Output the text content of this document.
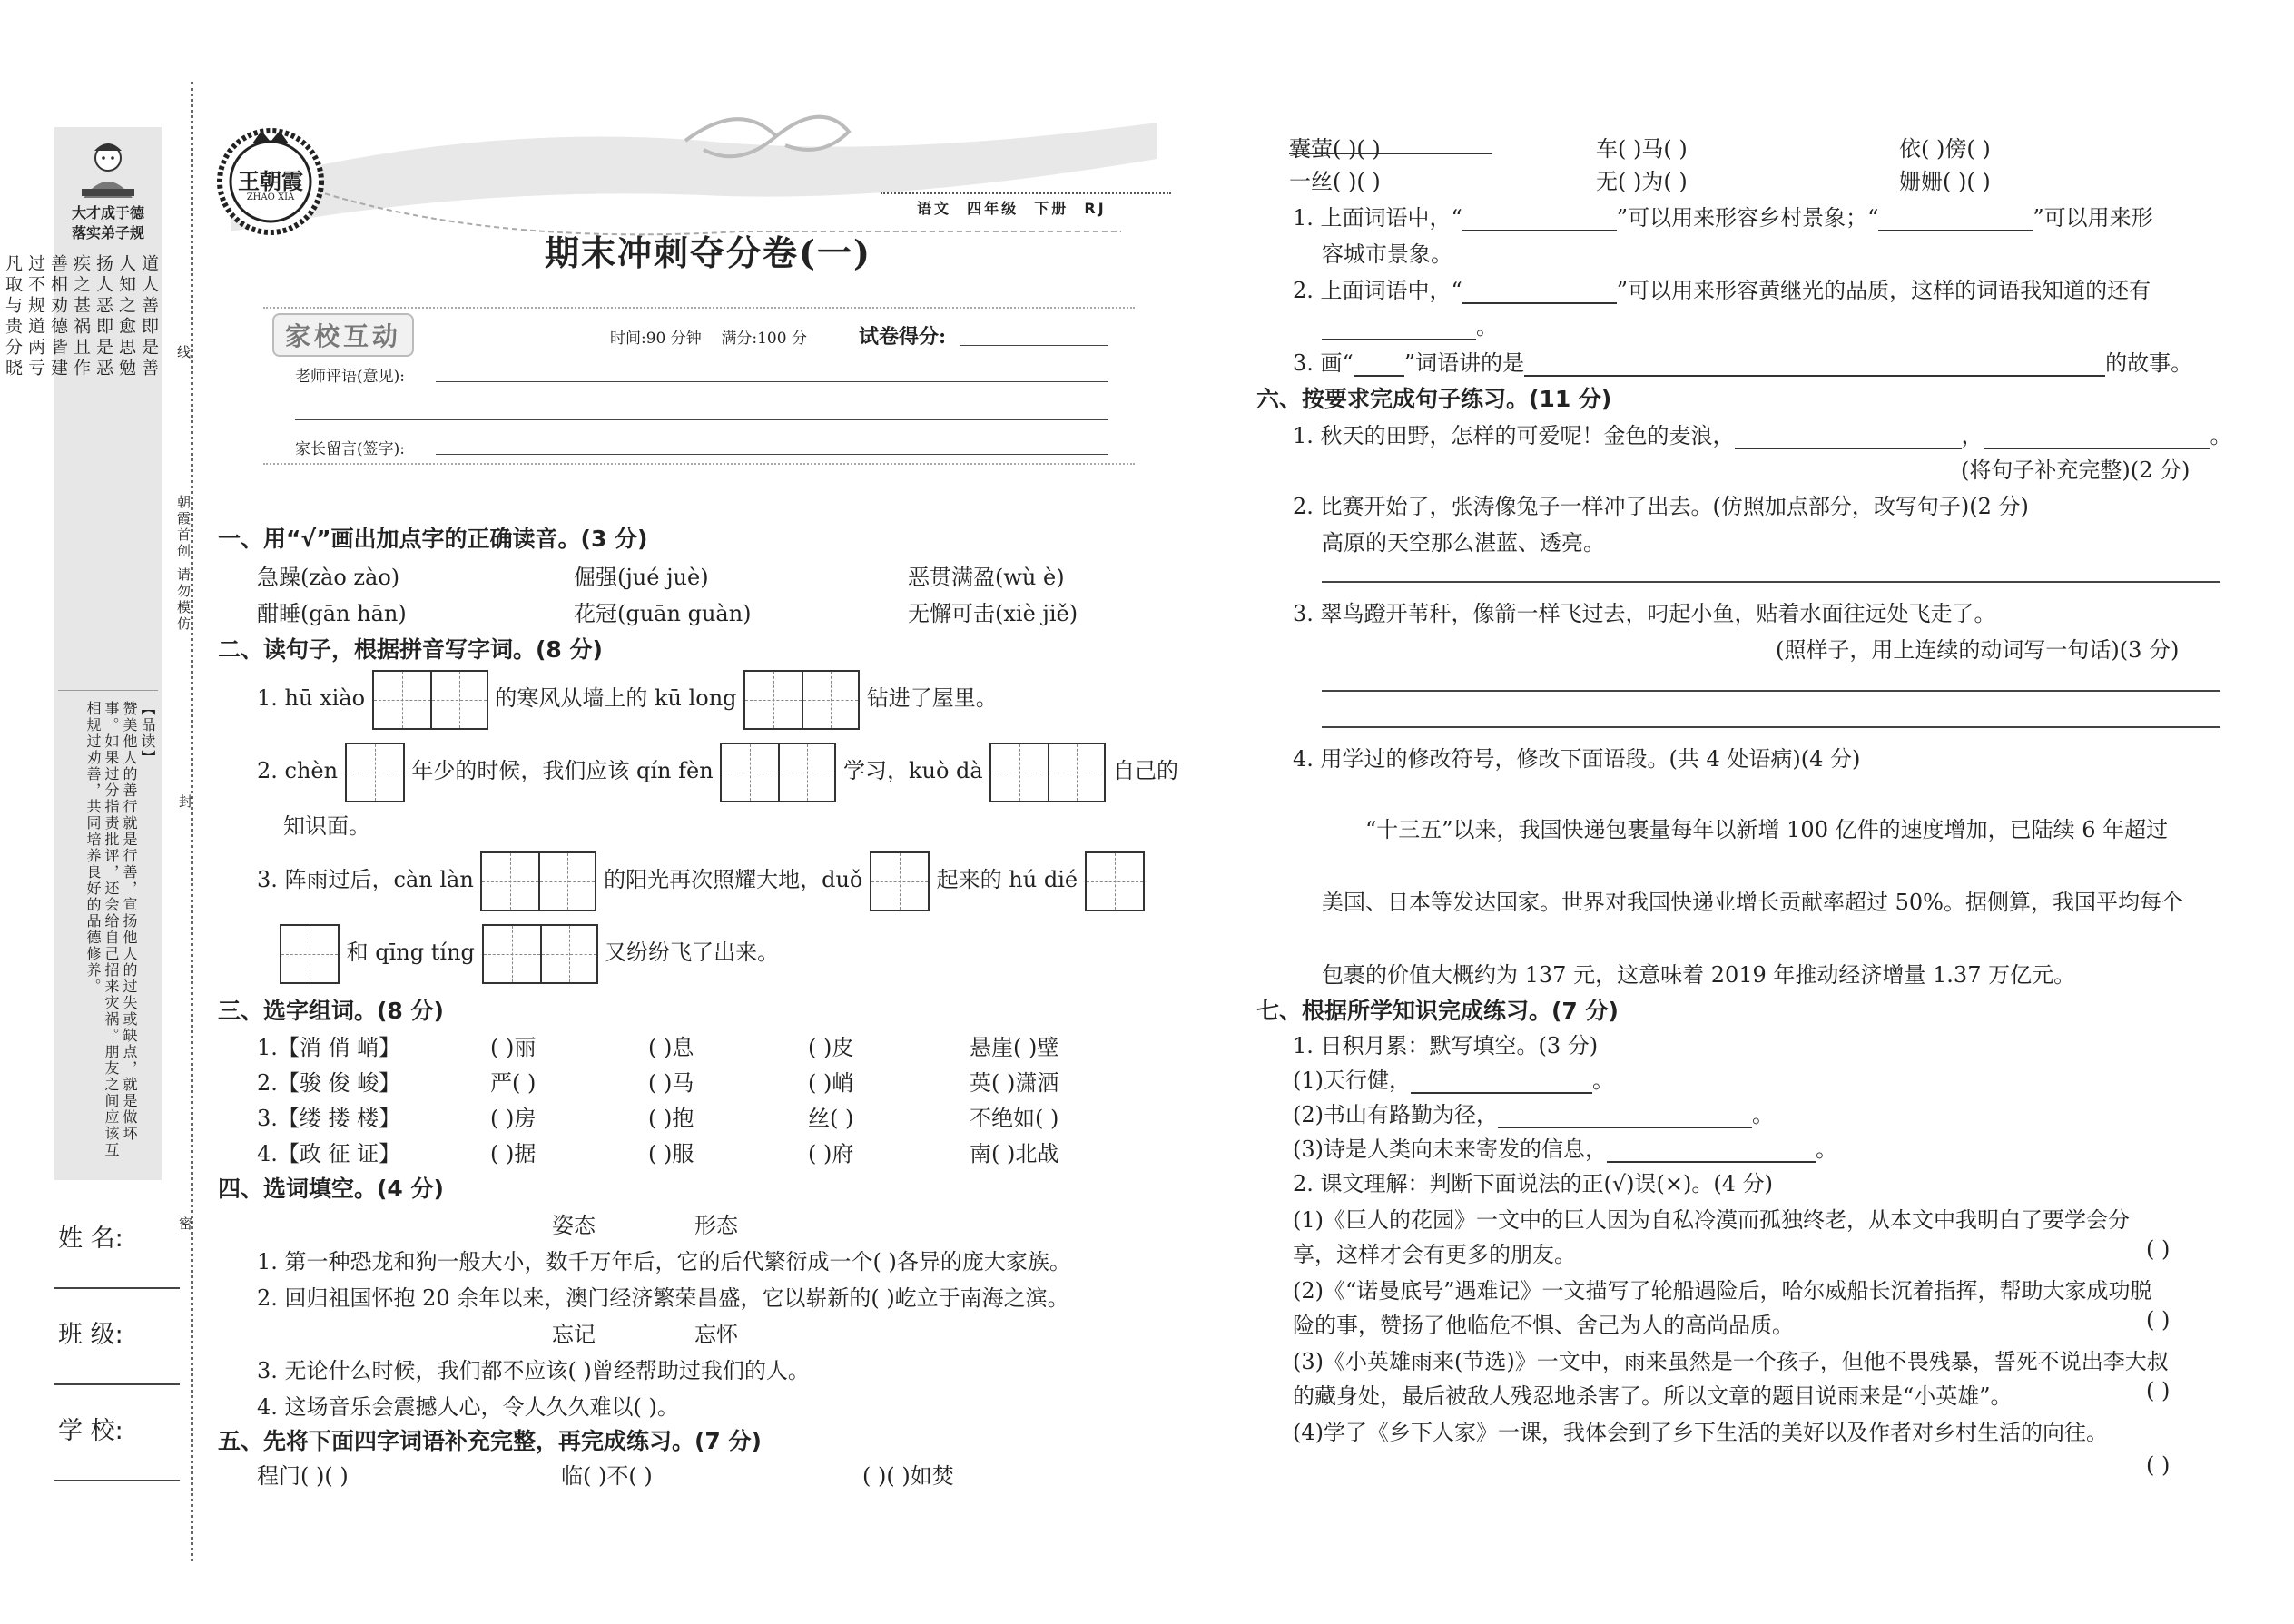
大才成于德
落实弟子规
道人善即是善
人知之愈思勉
扬人恶即是恶
疾之甚祸且作
善相劝德皆建
过不规道两亏
凡取与贵分晓
【品读】
赞美他人的善行就是行善，宣扬他人的过失或缺点，就是做坏事。如果过分指责批评，还会给自己招来灾祸。朋友之间应该互相规过劝善，共同培养良好的品德修养。
线
朝霞首创 请勿模仿
封
密
姓 名:
班 级:
学 校:
王朝霞
ZHAO XIA
期末冲刺夺分卷(一)
语文  四年级  下册  RJ
家校互动	时间:90 分钟    满分:100 分	试卷得分:
老师评语(意见):
家长留言(签字):
一、用“√”画出加点字的正确读音。(3 分)
急躁(zào zào)	倔强(jué juè)	恶贯满盈(wù è)
酣睡(gān hān)	花冠(guān guàn)	无懈可击(xiè jiě)
二、读句子，根据拼音写字词。(8 分)
1. hū xiào	的寒风从墙上的 kū long	钻进了屋里。
2. chèn	年少的时候，我们应该 qín fèn	学习，kuò dà	自己的
知识面。
3. 阵雨过后，càn làn	的阳光再次照耀大地，duǒ	起来的 hú dié
和 qīng tíng	又纷纷飞了出来。
三、选字组词。(8 分)
1.【消 俏 峭】	( )丽	( )息	( )皮	悬崖( )壁
2.【骏 俊 峻】	严( )	( )马	( )峭	英( )潇洒
3.【缕 搂 楼】	( )房	( )抱	丝( )	不绝如( )
4.【政 征 证】	( )据	( )服	( )府	南( )北战
四、选词填空。(4 分)
姿态	形态
1. 第一种恐龙和狗一般大小，数千万年后，它的后代繁衍成一个( )各异的庞大家族。
2. 回归祖国怀抱 20 余年以来，澳门经济繁荣昌盛，它以崭新的( )屹立于南海之滨。
忘记	忘怀
3. 无论什么时候，我们都不应该( )曾经帮助过我们的人。
4. 这场音乐会震撼人心，令人久久难以( )。
五、先将下面四字词语补充完整，再完成练习。(7 分)
程门( )( )	临( )不( )	( )( )如焚
囊萤( )( )	车( )马( )	依( )傍( )
一丝( )( )	无( )为( )	姗姗( )( )
1. 上面词语中，“	”可以用来形容乡村景象；“	”可以用来形
容城市景象。
2. 上面词语中，“	”可以用来形容黄继光的品质，这样的词语我知道的还有
。
3. 画“ ”词语讲的是	的故事。
六、按要求完成句子练习。(11 分)
1. 秋天的田野，怎样的可爱呢！金色的麦浪，	，	。
(将句子补充完整)(2 分)
2. 比赛开始了，张涛像兔子一样冲了出去。(仿照加点部分，改写句子)(2 分)
高原的天空那么湛蓝、透亮。
3. 翠鸟蹬开苇秆，像箭一样飞过去，叼起小鱼，贴着水面往远处飞走了。
(照样子，用上连续的动词写一句话)(3 分)
4. 用学过的修改符号，修改下面语段。(共 4 处语病)(4 分)
“十三五”以来，我国快递包裹量每年以新增 100 亿件的速度增加，已陆续 6 年超过
美国、日本等发达国家。世界对我国快递业增长贡献率超过 50%。据侧算，我国平均每个
包裹的价值大概约为 137 元，这意味着 2019 年推动经济增量 1.37 万亿元。
七、根据所学知识完成练习。(7 分)
1. 日积月累：默写填空。(3 分)
(1)天行健，	。
(2)书山有路勤为径，	。
(3)诗是人类向未来寄发的信息，	。
2. 课文理解：判断下面说法的正(√)误(×)。(4 分)
(1)《巨人的花园》一文中的巨人因为自私冷漠而孤独终老，从本文中我明白了要学会分
享，这样才会有更多的朋友。	( )
(2)《“诺曼底号”遇难记》一文描写了轮船遇险后，哈尔威船长沉着指挥，帮助大家成功脱
险的事，赞扬了他临危不惧、舍己为人的高尚品质。	( )
(3)《小英雄雨来(节选)》一文中，雨来虽然是一个孩子，但他不畏残暴，誓死不说出李大叔
的藏身处，最后被敌人残忍地杀害了。所以文章的题目说雨来是“小英雄”。	( )
(4)学了《乡下人家》一课，我体会到了乡下生活的美好以及作者对乡村生活的向往。
( )
